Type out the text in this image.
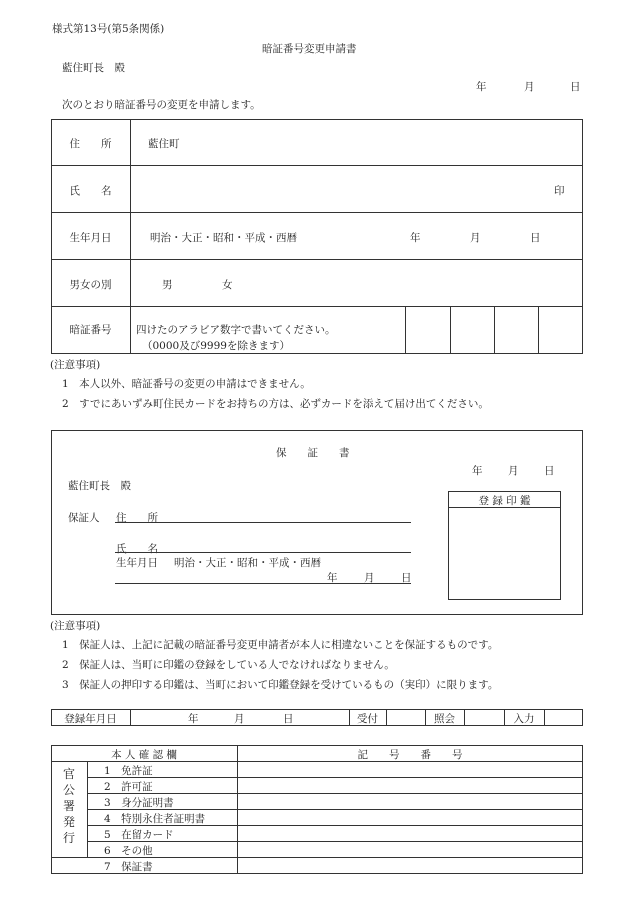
様式第13号(第5条関係)
暗証番号変更申請書
藍住町長　殿
年	月	日
次のとおり暗証番号の変更を申請します。
住　　所	藍住町
氏　　名	印
生年月日	明治・大正・昭和・平成・西暦	年	月	日
男女の別	男	女
暗証番号	四けたのアラビア数字で書いてください。
（0000及び9999を除きます）
(注意事項)
1　本人以外、暗証番号の変更の申請はできません。
2　すでにあいずみ町住民カードをお持ちの方は、必ずカードを添えて届け出てください。
保　　証　　書
年 月 日
藍住町長　殿
登 録 印 鑑
保証人 住　　所
氏　　名
生年月日 明治・大正・昭和・平成・西暦
年	月	日
(注意事項)
1　保証人は、上記に記載の暗証番号変更申請者が本人に相違ないことを保証するものです。
2　保証人は、当町に印鑑の登録をしている人でなければなりません。
3　保証人の押印する印鑑は、当町において印鑑登録を受けているもの（実印）に限ります。
登録年月日	年	月	日	受付	照会	入力
本 人 確 認 欄	記　　号　　番　　号
官
公
署
発
行
1　免許証
2　許可証
3　身分証明書
4　特別永住者証明書
5　在留カード
6　その他
7　保証書
